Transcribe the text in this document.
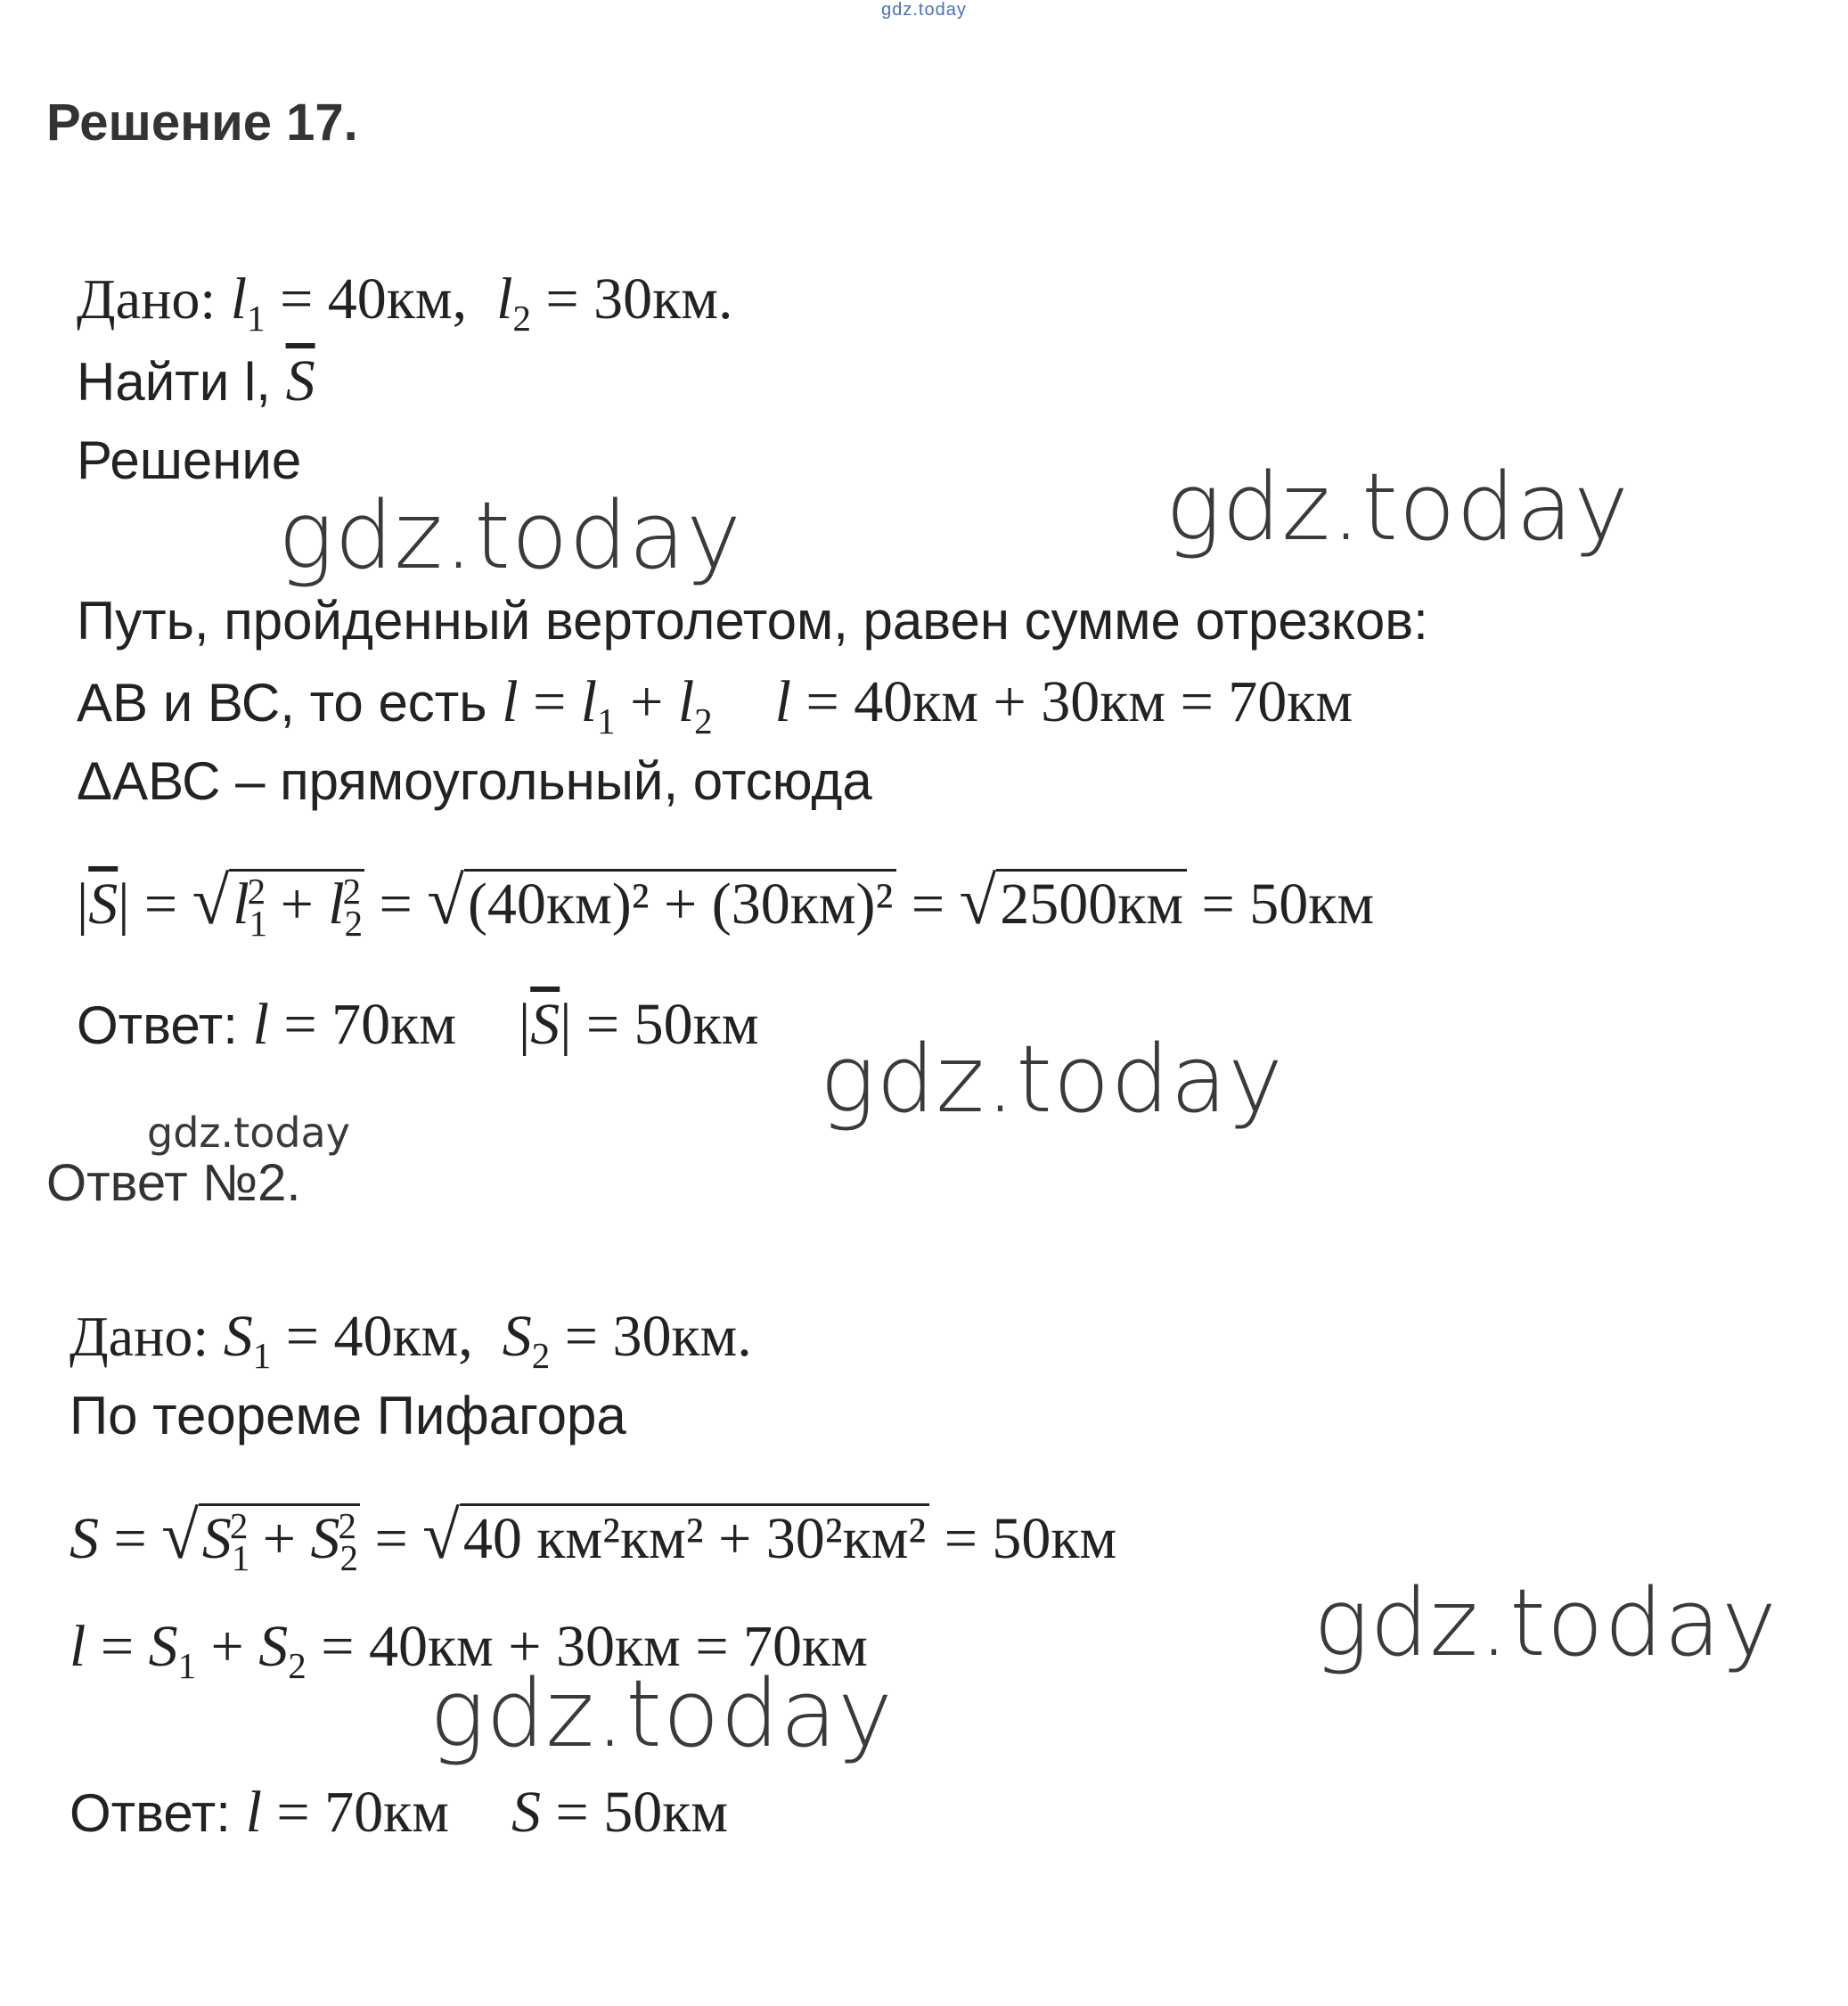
gdz.today
Решение 17.
Дано: $l_1 = 40км$, $l_2 = 30км$.
Найти l, $\overline{S}$
Решение
Путь, пройденный вертолетом, равен сумме отрезков:
АВ и ВС, то есть $l = l_1 + l_2$ l = 40км + 30км = 70км
ΔАВС – прямоугольный, отсюда
$|\overline{S}| = √l_1^2 + l_2^2 = √(40км)^2 + (30км)^2 = √2500км = 50км$
Ответ: l = 70км $|\overline{S}| = 50км$
Ответ №2.
Дано: $S_1 = 40км$, $S_2 = 30км$.
По теореме Пифагора
$S = √S_1^2 + S_2^2 = √40$ км²км² + 30²км² = 50км
$l = S_1 + S_2 = 40км + 30км = 70км$
Ответ: l = 70км S = 50км
gdz.today	gdz.today
gdz.today
gdz.today
gdz.today
gdz.today
